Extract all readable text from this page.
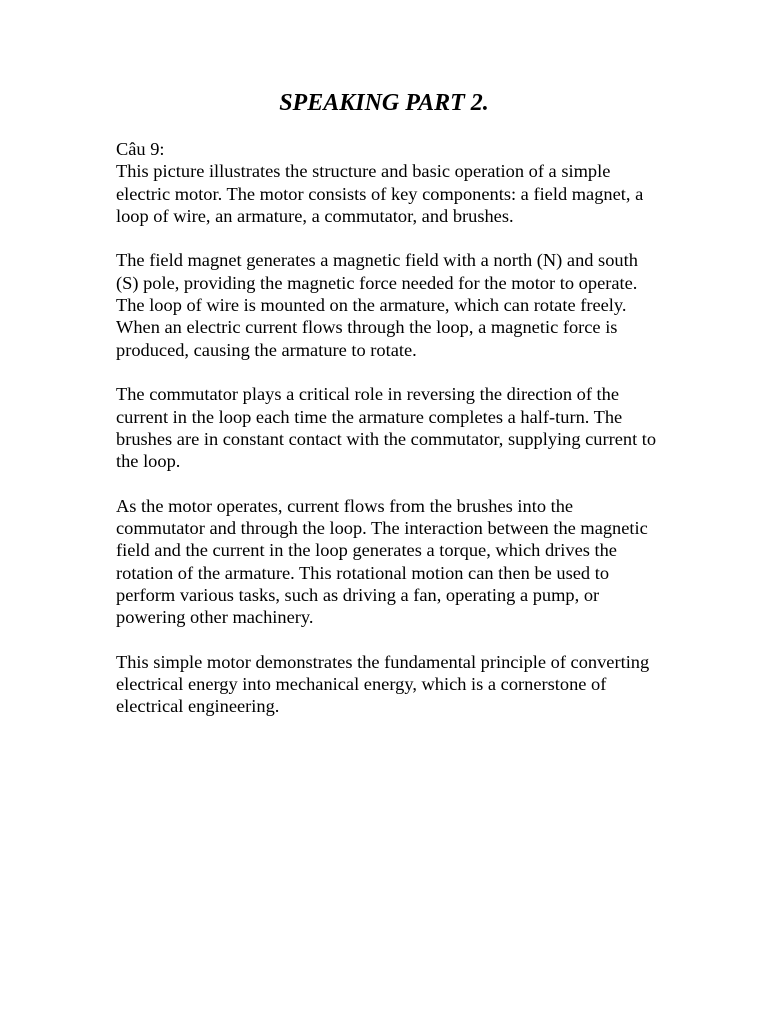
SPEAKING PART 2.

Câu 9:

This picture illustrates the structure and basic operation of a simple electric motor. The motor consists of key components: a field magnet, a loop of wire, an armature, a commutator, and brushes.

The field magnet generates a magnetic field with a north (N) and south (S) pole, providing the magnetic force needed for the motor to operate. The loop of wire is mounted on the armature, which can rotate freely. When an electric current flows through the loop, a magnetic force is produced, causing the armature to rotate.

The commutator plays a critical role in reversing the direction of the current in the loop each time the armature completes a half-turn. The brushes are in constant contact with the commutator, supplying current to the loop.

As the motor operates, current flows from the brushes into the commutator and through the loop. The interaction between the magnetic field and the current in the loop generates a torque, which drives the rotation of the armature. This rotational motion can then be used to perform various tasks, such as driving a fan, operating a pump, or powering other machinery.

This simple motor demonstrates the fundamental principle of converting electrical energy into mechanical energy, which is a cornerstone of electrical engineering.
